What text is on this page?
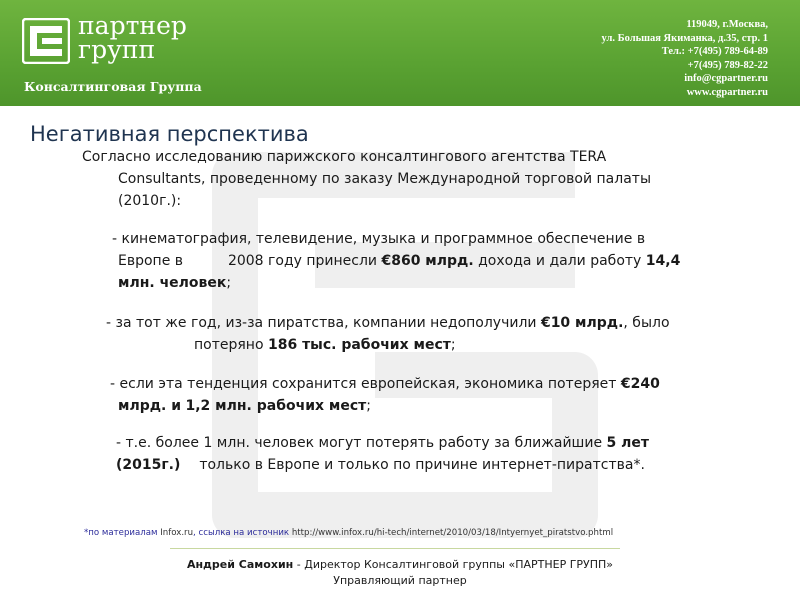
партнер
групп
Консалтинговая Группа
119049, г.Москва,
ул. Большая Якиманка, д.35, стр. 1
Тел.: +7(495) 789-64-89
+7(495) 789-82-22
info@cgpartner.ru
www.cgpartner.ru
Негативная перспектива
Согласно исследованию парижского консалтингового агентства TERA
Consultants, проведенному по заказу Международной торговой палаты
(2010г.):
- кинематография, телевидение, музыка и программное обеспечение в
Европе в	2008 году принесли €860 млрд. дохода и дали работу 14,4
млн. человек;
- за тот же год, из-за пиратства, компании недополучили €10 млрд., было
потеряно 186 тыс. рабочих мест;
- если эта тенденция сохранится европейская, экономика потеряет €240
млрд. и 1,2 млн. рабочих мест;
- т.е. более 1 млн. человек могут потерять работу за ближайшие 5 лет
(2015г.) только в Европе и только по причине интернет-пиратства*.
*по материалам Infox.ru, ссылка на источник http://www.infox.ru/hi-tech/internet/2010/03/18/Intyernyet_piratstvo.phtml
Андрей Самохин - Директор Консалтинговой группы «ПАРТНЕР ГРУПП»
Управляющий партнер
